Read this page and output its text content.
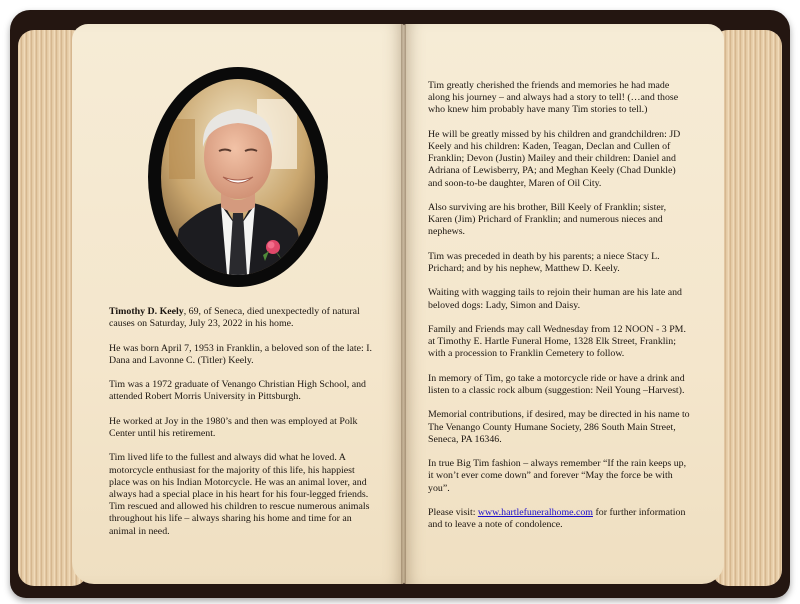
Timothy D. Keely, 69, of Seneca, died unexpectedly of natural causes on Saturday, July 23, 2022 in his home.

He was born April 7, 1953 in Franklin, a beloved son of the late: I. Dana and Lavonne C. (Titler) Keely.

Tim was a 1972 graduate of Venango Christian High School, and attended Robert Morris University in Pittsburgh.

He worked at Joy in the 1980’s and then was employed at Polk Center until his retirement.

Tim lived life to the fullest and always did what he loved. A motorcycle enthusiast for the majority of this life, his happiest place was on his Indian Motorcycle. He was an animal lover, and always had a special place in his heart for his four-legged friends. Tim rescued and allowed his children to rescue numerous animals throughout his life – always sharing his home and time for an animal in need.

Tim greatly cherished the friends and memories he had made along his journey – and always had a story to tell! (…and those who knew him probably have many Tim stories to tell.)

He will be greatly missed by his children and grandchildren: JD Keely and his children: Kaden, Teagan, Declan and Cullen of Franklin; Devon (Justin) Mailey and their children: Daniel and Adriana of Lewisberry, PA; and Meghan Keely (Chad Dunkle) and soon-to-be daughter, Maren of Oil City.

Also surviving are his brother, Bill Keely of Franklin; sister, Karen (Jim) Prichard of Franklin; and numerous nieces and nephews.

Tim was preceded in death by his parents; a niece Stacy L. Prichard; and by his nephew, Matthew D. Keely.

Waiting with wagging tails to rejoin their human are his late and beloved dogs: Lady, Simon and Daisy.

Family and Friends may call Wednesday from 12 NOON - 3 PM. at Timothy E. Hartle Funeral Home, 1328 Elk Street, Franklin; with a procession to Franklin Cemetery to follow.

In memory of Tim, go take a motorcycle ride or have a drink and listen to a classic rock album (suggestion: Neil Young –Harvest).

Memorial contributions, if desired, may be directed in his name to The Venango County Humane Society, 286 South Main Street, Seneca, PA 16346.

In true Big Tim fashion – always remember “If the rain keeps up, it won’t ever come down” and forever “May the force be with you”.

Please visit: www.hartlefuneralhome.com for further information and to leave a note of condolence.
